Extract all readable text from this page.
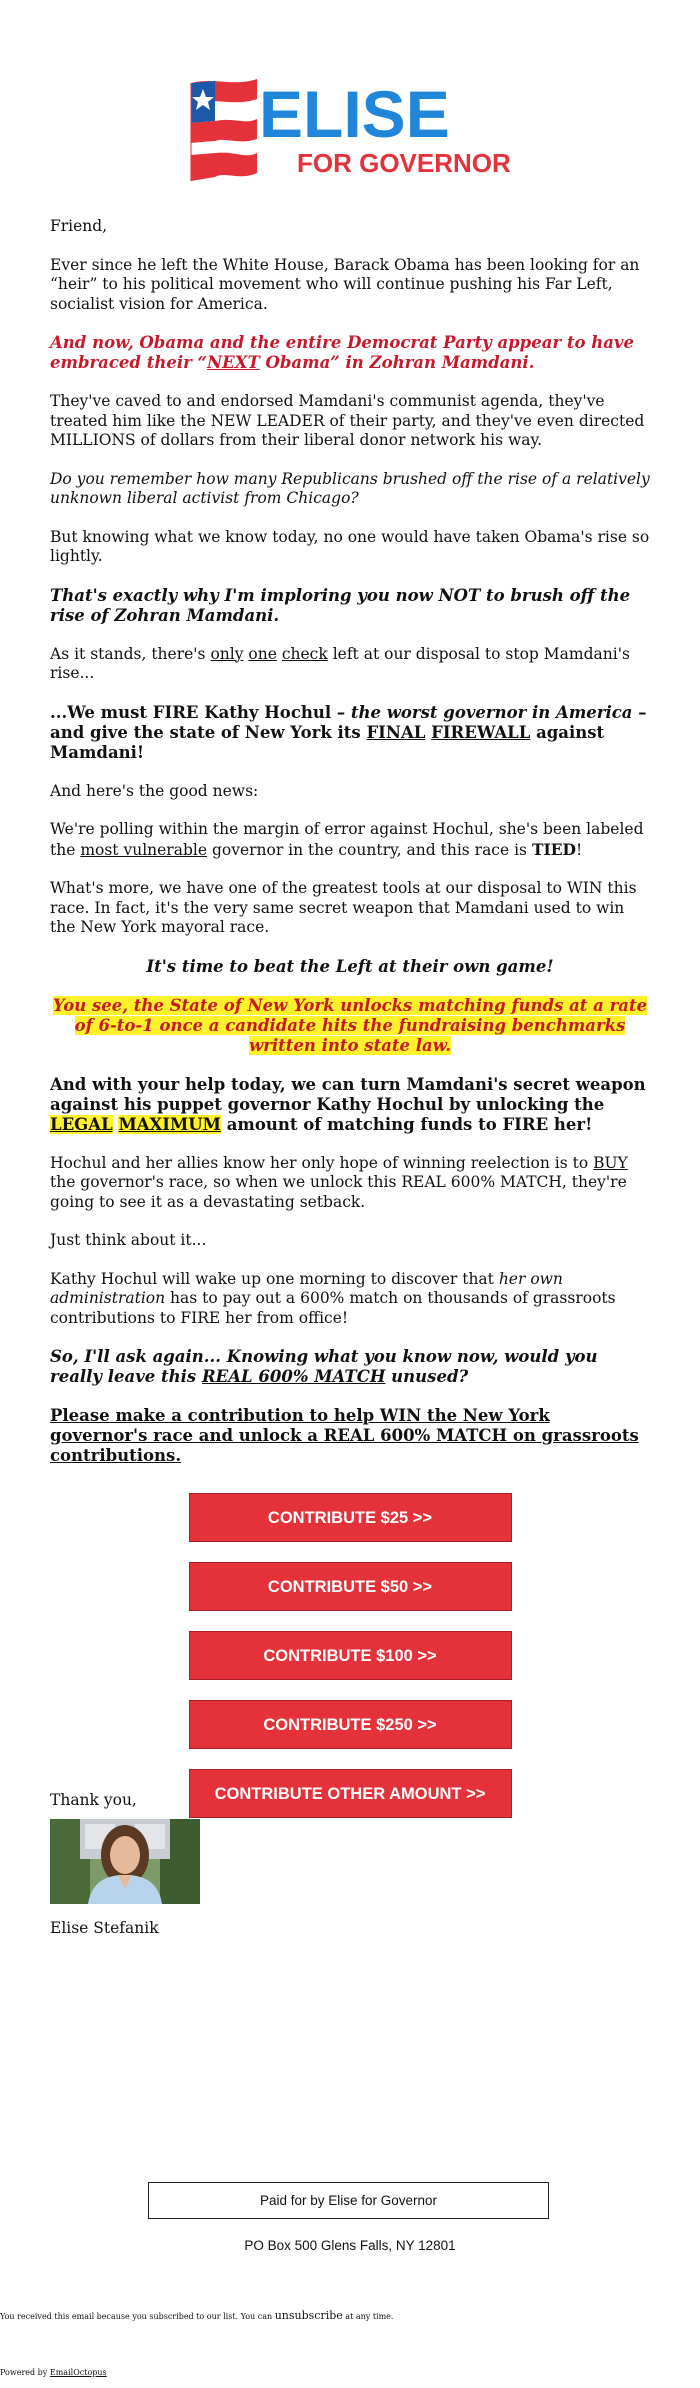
ELISE
FOR GOVERNOR

Friend,

Ever since he left the White House, Barack Obama has been looking for an “heir” to his political movement who will continue pushing his Far Left, socialist vision for America.

And now, Obama and the entire Democrat Party appear to have embraced their “NEXT Obama” in Zohran Mamdani.

They've caved to and endorsed Mamdani's communist agenda, they've treated him like the NEW LEADER of their party, and they've even directed MILLIONS of dollars from their liberal donor network his way.

Do you remember how many Republicans brushed off the rise of a relatively unknown liberal activist from Chicago?

But knowing what we know today, no one would have taken Obama's rise so lightly.

That's exactly why I'm imploring you now NOT to brush off the rise of Zohran Mamdani.

As it stands, there's only one check left at our disposal to stop Mamdani's rise...

...We must FIRE Kathy Hochul – the worst governor in America – and give the state of New York its FINAL FIREWALL against Mamdani!

And here's the good news:

We're polling within the margin of error against Hochul, she's been labeled the most vulnerable governor in the country, and this race is TIED!

What's more, we have one of the greatest tools at our disposal to WIN this race. In fact, it's the very same secret weapon that Mamdani used to win the New York mayoral race.

It's time to beat the Left at their own game!

You see, the State of New York unlocks matching funds at a rate of 6-to-1 once a candidate hits the fundraising benchmarks written into state law.

And with your help today, we can turn Mamdani's secret weapon against his puppet governor Kathy Hochul by unlocking the LEGAL MAXIMUM amount of matching funds to FIRE her!

Hochul and her allies know her only hope of winning reelection is to BUY the governor's race, so when we unlock this REAL 600% MATCH, they're going to see it as a devastating setback.

Just think about it...

Kathy Hochul will wake up one morning to discover that her own administration has to pay out a 600% match on thousands of grassroots contributions to FIRE her from office!

So, I'll ask again... Knowing what you know now, would you really leave this REAL 600% MATCH unused?

Please make a contribution to help WIN the New York governor's race and unlock a REAL 600% MATCH on grassroots contributions.

CONTRIBUTE $25 >>
CONTRIBUTE $50 >>
CONTRIBUTE $100 >>
CONTRIBUTE $250 >>
CONTRIBUTE OTHER AMOUNT >>
Thank you,
Elise Stefanik
Paid for by Elise for Governor
PO Box 500 Glens Falls, NY 12801
You received this email because you subscribed to our list. You can unsubscribe at any time.
Powered by EmailOctopus
